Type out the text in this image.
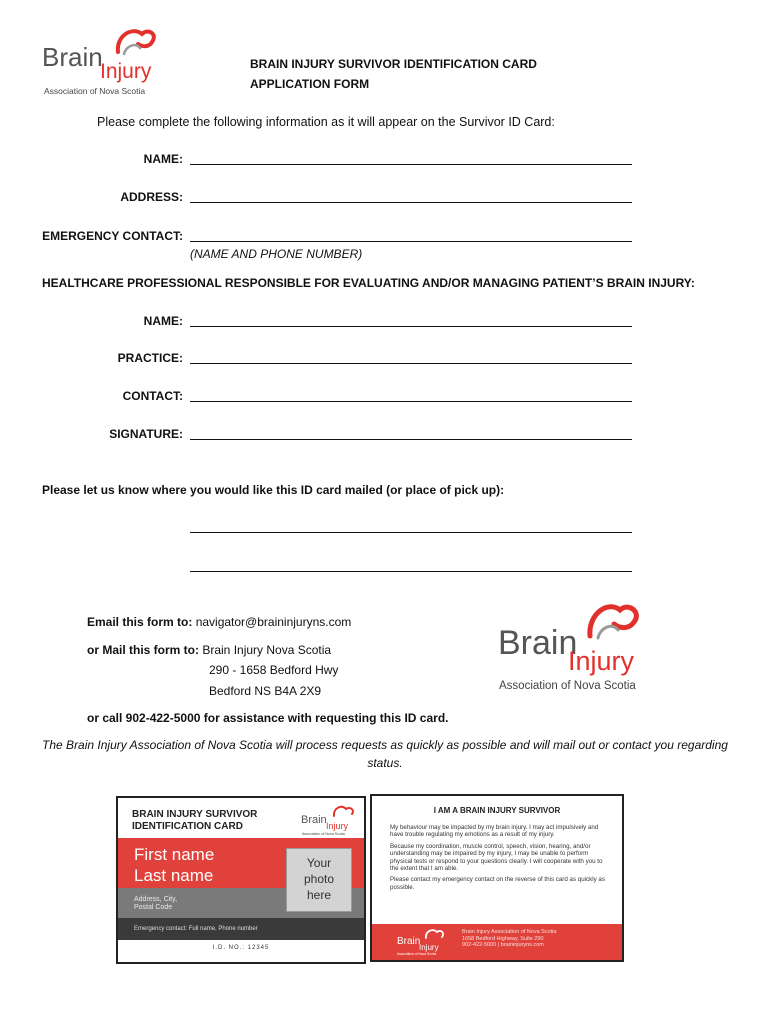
Brain
Injury
Association of Nova Scotia
BRAIN INJURY SURVIVOR IDENTIFICATION CARD
APPLICATION FORM
Please complete the following information as it will appear on the Survivor ID Card:
NAME:
ADDRESS:
EMERGENCY CONTACT:
(NAME AND PHONE NUMBER)
HEALTHCARE PROFESSIONAL RESPONSIBLE FOR EVALUATING AND/OR MANAGING PATIENT’S BRAIN INJURY:
NAME:
PRACTICE:
CONTACT:
SIGNATURE:
Please let us know where you would like this ID card mailed (or place of pick up):
Email this form to: navigator@braininjuryns.com
or Mail this form to: Brain Injury Nova Scotia
290 - 1658 Bedford Hwy
Bedford NS B4A 2X9
or call 902-422-5000 for assistance with requesting this ID card.
Brain
Injury
Association of Nova Scotia
The Brain Injury Association of Nova Scotia will process requests as quickly as possible and will mail out or contact you regarding status.
BRAIN INJURY SURVIVOR
IDENTIFICATION CARD
Brain Injury
Association of Nova Scotia
First name
Last name
Address, City,
Postal Code
Emergency contact: Full name, Phone number
I.D. NO.: 12345
Your
photo
here
I AM A BRAIN INJURY SURVIVOR

My behaviour may be impacted by my brain injury. I may act impulsively and have trouble regulating my emotions as a result of my injury.

Because my coordination, muscle control, speech, vision, hearing, and/or understanding may be impaired by my injury, I may be unable to perform physical tests or respond to your questions clearly. I will cooperate with you to the extent that I am able.

Please contact my emergency contact on the reverse of this card as quickly as possible.

Brain
Injury
Association of Nova Scotia
Brain Injury Association of Nova Scotia
1658 Bedford Highway, Suite 290
902-422-5000 | braininjuryns.com
